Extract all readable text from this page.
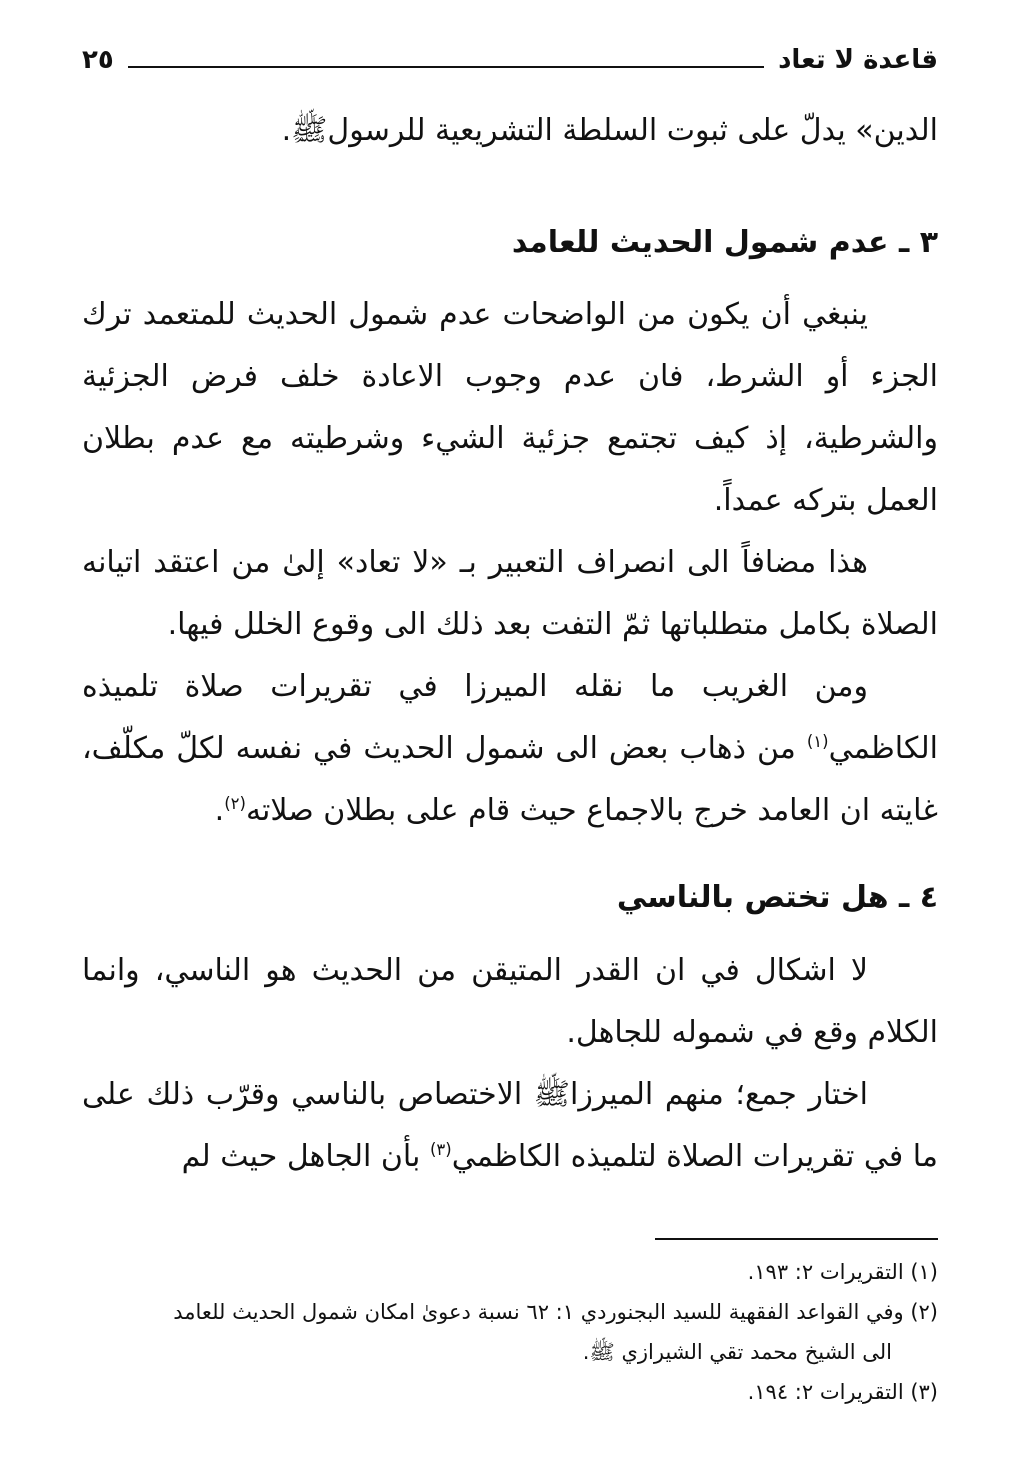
قاعدة لا تعاد
٢٥

الدين» يدلّ على ثبوت السلطة التشريعية للرسولﷺ.

٣ ـ عدم شمول الحديث للعامد

ينبغي أن يكون من الواضحات عدم شمول الحديث للمتعمد ترك الجزء أو الشرط، فان عدم وجوب الاعادة خلف فرض الجزئية والشرطية، إذ كيف تجتمع جزئية الشيء وشرطيته مع عدم بطلان العمل بتركه عمداً.

هذا مضافاً الى انصراف التعبير بـ «لا تعاد» إلىٰ من اعتقد اتيانه الصلاة بكامل متطلباتها ثمّ التفت بعد ذلك الى وقوع الخلل فيها.

ومن الغريب ما نقله الميرزا في تقريرات صلاة تلميذه الكاظمي$^{(١)}$ من ذهاب بعض الى شمول الحديث في نفسه لكلّ مكلّف، غايته ان العامد خرج بالاجماع حيث قام على بطلان صلاته$^{(٢)}$.

٤ ـ هل تختص بالناسي

لا اشكال في ان القدر المتيقن من الحديث هو الناسي، وانما الكلام وقع في شموله للجاهل.

اختار جمع؛ منهم الميرزاﷺ الاختصاص بالناسي وقرّب ذلك على ما في تقريرات الصلاة لتلميذه الكاظمي$^{(٣)}$ بأن الجاهل حيث لم

(١) التقريرات ٢: ١٩٣.

(٢) وفي القواعد الفقهية للسيد البجنوردي ١: ٦٢ نسبة دعوىٰ امكان شمول الحديث للعامد

الى الشيخ محمد تقي الشيرازي ﷺ.

(٣) التقريرات ٢: ١٩٤.
